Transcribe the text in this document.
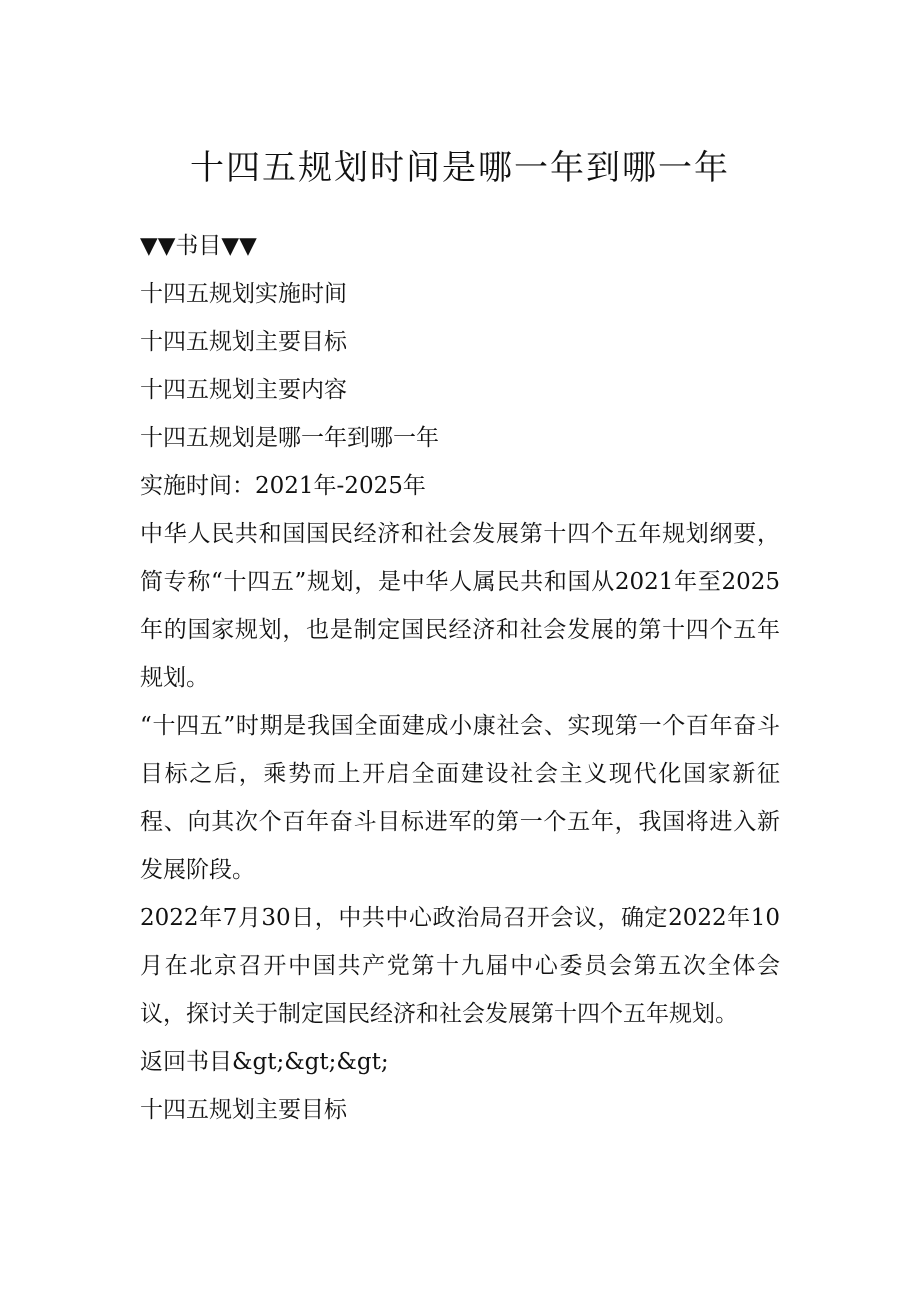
十四五规划时间是哪一年到哪一年

▼▼书目▼▼

十四五规划实施时间

十四五规划主要目标

十四五规划主要内容

十四五规划是哪一年到哪一年

实施时间：2021年-2025年

中华人民共和国国民经济和社会发展第十四个五年规划纲要，简专称“十四五”规划，是中华人属民共和国从2021年至2025年的国家规划，也是制定国民经济和社会发展的第十四个五年规划。

“十四五”时期是我国全面建成小康社会、实现第一个百年奋斗目标之后，乘势而上开启全面建设社会主义现代化国家新征程、向其次个百年奋斗目标进军的第一个五年，我国将进入新发展阶段。

2022年7月30日，中共中心政治局召开会议，确定2022年10月在北京召开中国共产党第十九届中心委员会第五次全体会议，探讨关于制定国民经济和社会发展第十四个五年规划。

返回书目&gt;&gt;&gt;

十四五规划主要目标
